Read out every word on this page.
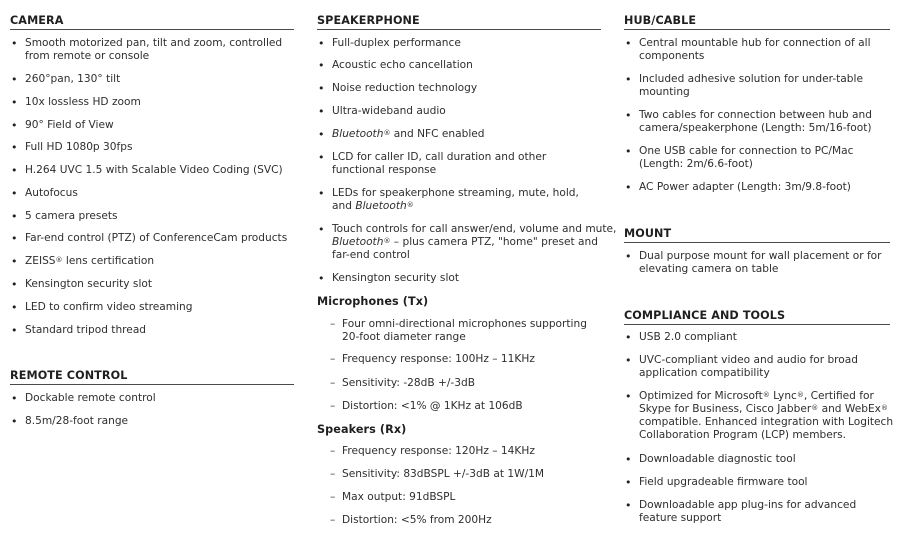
CAMERA
• Smooth motorized pan, tilt and zoom, controlled from remote or console
• 260°pan, 130° tilt
• 10x lossless HD zoom
• 90° Field of View
• Full HD 1080p 30fps
• H.264 UVC 1.5 with Scalable Video Coding (SVC)
• Autofocus
• 5 camera presets
• Far-end control (PTZ) of ConferenceCam products
• ZEISS® lens certification
• Kensington security slot
• LED to confirm video streaming
• Standard tripod thread
REMOTE CONTROL
• Dockable remote control
• 8.5m/28-foot range
SPEAKERPHONE
• Full-duplex performance
• Acoustic echo cancellation
• Noise reduction technology
• Ultra-wideband audio
• Bluetooth® and NFC enabled
• LCD for caller ID, call duration and other functional response
• LEDs for speakerphone streaming, mute, hold, and Bluetooth®
• Touch controls for call answer/end, volume and mute, Bluetooth® – plus camera PTZ, "home" preset and far-end control
• Kensington security slot
Microphones (Tx)
– Four omni-directional microphones supporting 20-foot diameter range
– Frequency response: 100Hz – 11KHz
– Sensitivity: -28dB +/-3dB
– Distortion: <1% @ 1KHz at 106dB
Speakers (Rx)
– Frequency response: 120Hz – 14KHz
– Sensitivity: 83dBSPL +/-3dB at 1W/1M
– Max output: 91dBSPL
– Distortion: <5% from 200Hz
HUB/CABLE
• Central mountable hub for connection of all components
• Included adhesive solution for under-table mounting
• Two cables for connection between hub and camera/speakerphone (Length: 5m/16-foot)
• One USB cable for connection to PC/Mac (Length: 2m/6.6-foot)
• AC Power adapter (Length: 3m/9.8-foot)
MOUNT
• Dual purpose mount for wall placement or for elevating camera on table
COMPLIANCE AND TOOLS
• USB 2.0 compliant
• UVC-compliant video and audio for broad application compatibility
• Optimized for Microsoft® Lync®, Certified for Skype for Business, Cisco Jabber® and WebEx® compatible. Enhanced integration with Logitech Collaboration Program (LCP) members.
• Downloadable diagnostic tool
• Field upgradeable firmware tool
• Downloadable app plug-ins for advanced feature support
